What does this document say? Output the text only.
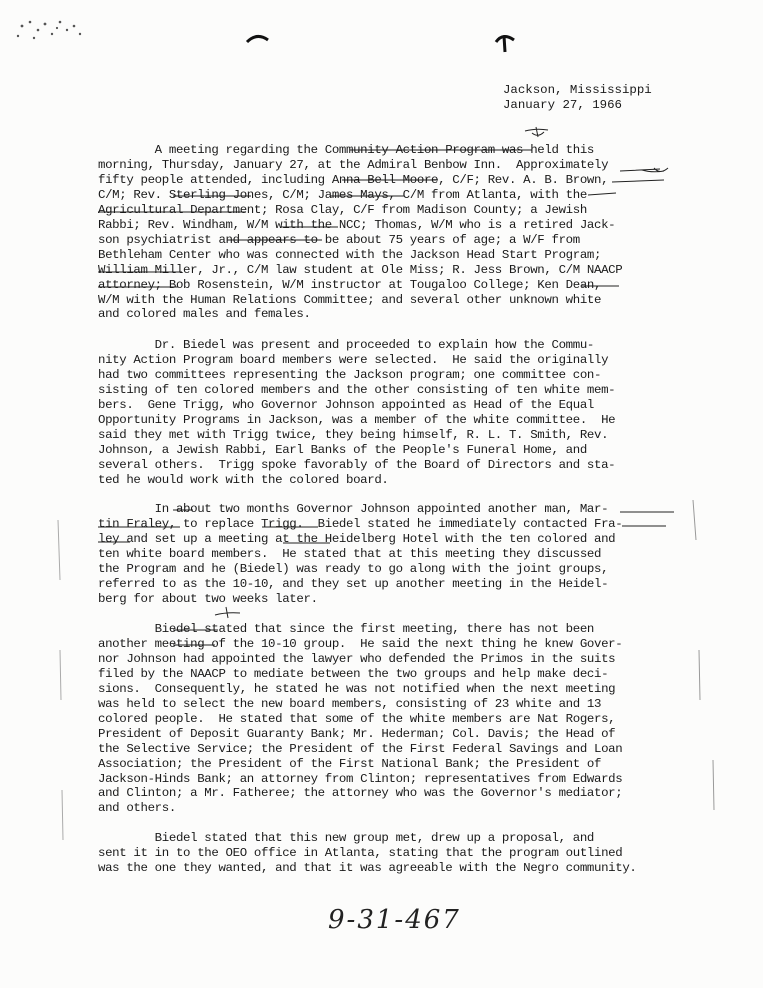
Jackson, Mississippi
January 27, 1966
A meeting regarding the Community Action Program was held this
morning, Thursday, January 27, at the Admiral Benbow Inn.  Approximately
fifty people attended, including Anna Bell Moore, C/F; Rev. A. B. Brown,
C/M; Rev. Sterling Jones, C/M; James Mays, C/M from Atlanta, with the
Agricultural Department; Rosa Clay, C/F from Madison County; a Jewish
Rabbi; Rev. Windham, W/M with the NCC; Thomas, W/M who is a retired Jack-
son psychiatrist and appears to be about 75 years of age; a W/F from
Bethleham Center who was connected with the Jackson Head Start Program;
William Miller, Jr., C/M law student at Ole Miss; R. Jess Brown, C/M NAACP
attorney; Bob Rosenstein, W/M instructor at Tougaloo College; Ken Dean,
W/M with the Human Relations Committee; and several other unknown white
and colored males and females.
Dr. Biedel was present and proceeded to explain how the Commu-
nity Action Program board members were selected.  He said the originally
had two committees representing the Jackson program; one committee con-
sisting of ten colored members and the other consisting of ten white mem-
bers.  Gene Trigg, who Governor Johnson appointed as Head of the Equal
Opportunity Programs in Jackson, was a member of the white committee.  He
said they met with Trigg twice, they being himself, R. L. T. Smith, Rev.
Johnson, a Jewish Rabbi, Earl Banks of the People's Funeral Home, and
several others.  Trigg spoke favorably of the Board of Directors and sta-
ted he would work with the colored board.
In about two months Governor Johnson appointed another man, Mar-
tin Fraley, to replace Trigg.  Biedel stated he immediately contacted Fra-
ley and set up a meeting at the Heidelberg Hotel with the ten colored and
ten white board members.  He stated that at this meeting they discussed
the Program and he (Biedel) was ready to go along with the joint groups,
referred to as the 10-10, and they set up another meeting in the Heidel-
berg for about two weeks later.
Biedel stated that since the first meeting, there has not been
another meeting of the 10-10 group.  He said the next thing he knew Gover-
nor Johnson had appointed the lawyer who defended the Primos in the suits
filed by the NAACP to mediate between the two groups and help make deci-
sions.  Consequently, he stated he was not notified when the next meeting
was held to select the new board members, consisting of 23 white and 13
colored people.  He stated that some of the white members are Nat Rogers,
President of Deposit Guaranty Bank; Mr. Hederman; Col. Davis; the Head of
the Selective Service; the President of the First Federal Savings and Loan
Association; the President of the First National Bank; the President of
Jackson-Hinds Bank; an attorney from Clinton; representatives from Edwards
and Clinton; a Mr. Fatheree; the attorney who was the Governor's mediator;
and others.
Biedel stated that this new group met, drew up a proposal, and
sent it in to the OEO office in Atlanta, stating that the program outlined
was the one they wanted, and that it was agreeable with the Negro community.
9-31-467
